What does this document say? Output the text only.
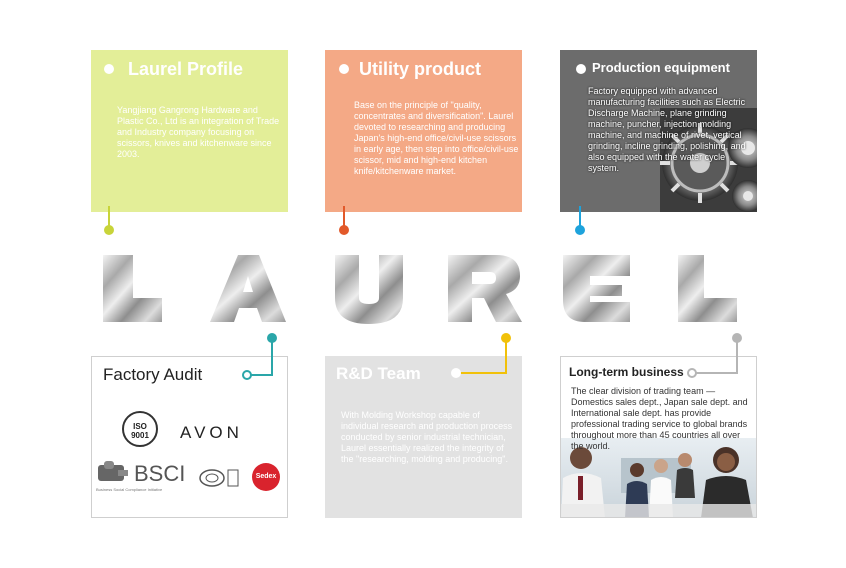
Laurel Profile
Yangjiang Gangrong Hardware and Plastic Co., Ltd is an integration of Trade and Industry company focusing on scissors, knives and kitchenware since 2003.
Utility product
Base on the principle of "quality, concentrates and diversification". Laurel devoted to researching and producing Japan's high-end office/civil-use scissors in early age, then step into office/civil-use scissor, mid and high-end kitchen knife/kitchenware market.
Production equipment
Factory equipped with advanced manufacturing facilities such as Electric Discharge Machine, plane grinding machine, puncher, injection molding machine, and machine of rivet, vertical grinding, incline grinding, polishing, and also equipped with the water cycle system.
Factory Audit
ISO 9001	AVON
BSCI
Business Social Compliance Initiative
Sedex
R&D Team
With Molding Workshop capable of individual research and production process conducted by senior industrial technician, Laurel essentially realized the integrity of the "researching, molding and producing".
Long-term business
The clear division of trading team —Domestics sales dept., Japan sale dept. and International sale dept. has provide professional trading service to global brands throughout more than 45 countries all over the world.
